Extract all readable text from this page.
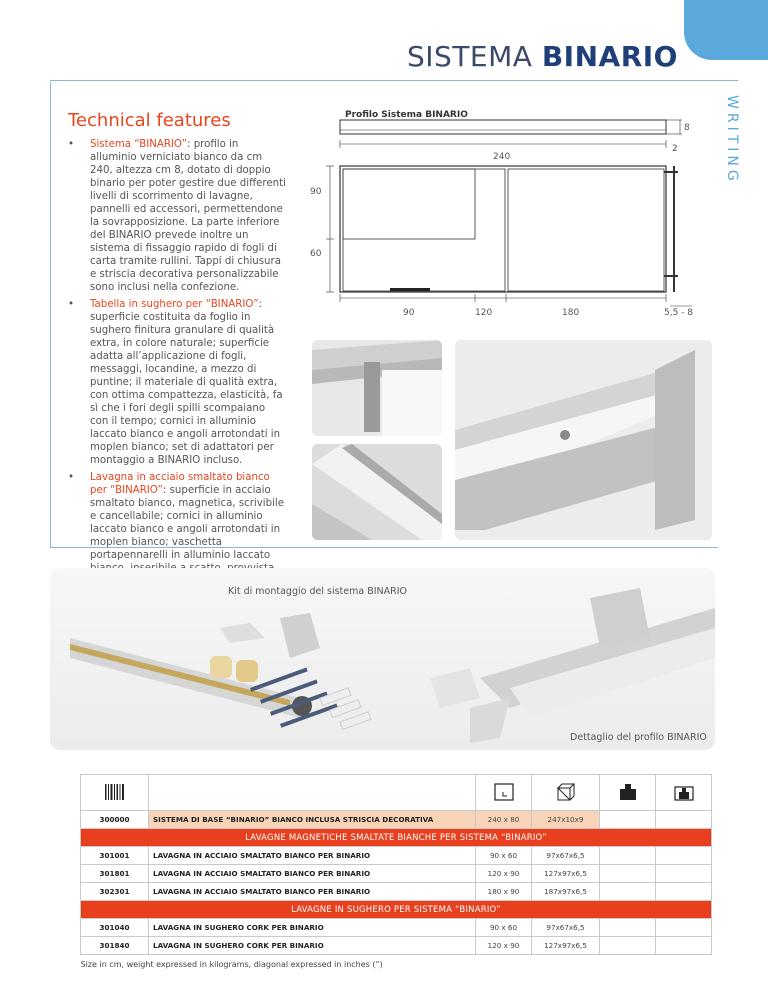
SISTEMA BINARIO
WRITING
Technical features
• Sistema “BINARIO”: profilo in alluminio verniciato bianco da cm 240, altezza cm 8, dotato di doppio binario per poter gestire due differenti livelli di scorrimento di lavagne, pannelli ed accessori, permettendone la sovrapposizione. La parte inferiore del BINARIO prevede inoltre un sistema di fissaggio rapido di fogli di carta tramite rullini. Tappi di chiusura e striscia decorativa personalizzabile sono inclusi nella confezione.
• Tabella in sughero per “BINARIO”: superficie costituita da foglio in sughero finitura granulare di qualità extra, in colore naturale; superficie adatta all’applicazione di fogli, messaggi, locandine, a mezzo di puntine; il materiale di qualità extra, con ottima compattezza, elasticità, fa sì che i fori degli spilli scompaiano con il tempo; cornici in alluminio laccato bianco e angoli arrotondati in moplen bianco; set di adattatori per montaggio a BINARIO incluso.
• Lavagna in acciaio smaltato bianco per “BINARIO”: superficie in acciaio smaltato bianco, magnetica, scrivibile e cancellabile; cornici in alluminio laccato bianco e angoli arrotondati in moplen bianco; vaschetta portapennarelli in alluminio laccato
Profilo Sistema BINARIO
8
240
2
90
60
90	120	180	5,5 - 8
Kit di montaggio del sistema BINARIO
Dettaglio del profilo BINARIO

300000	SISTEMA DI BASE “BINARIO” BIANCO INCLUSA STRISCIA DECORATIVA	240 x 80	247x10x9		
LAVAGNE MAGNETICHE SMALTATE BIANCHE PER SISTEMA “BINARIO”					
301001	LAVAGNA IN ACCIAIO SMALTATO BIANCO PER BINARIO	90 x 60	97x67x6,5		
301801	LAVAGNA IN ACCIAIO SMALTATO BIANCO PER BINARIO	120 x 90	127x97x6,5		
302301	LAVAGNA IN ACCIAIO SMALTATO BIANCO PER BINARIO	180 x 90	187x97x6,5		
LAVAGNE IN SUGHERO PER SISTEMA “BINARIO”					
301040	LAVAGNA IN SUGHERO CORK PER BINARIO	90 x 60	97x67x6,5		
301840	LAVAGNA IN SUGHERO CORK PER BINARIO	120 x 90	127x97x6,5		
Size in cm, weight expressed in kilograms, diagonal expressed in inches (“)					
